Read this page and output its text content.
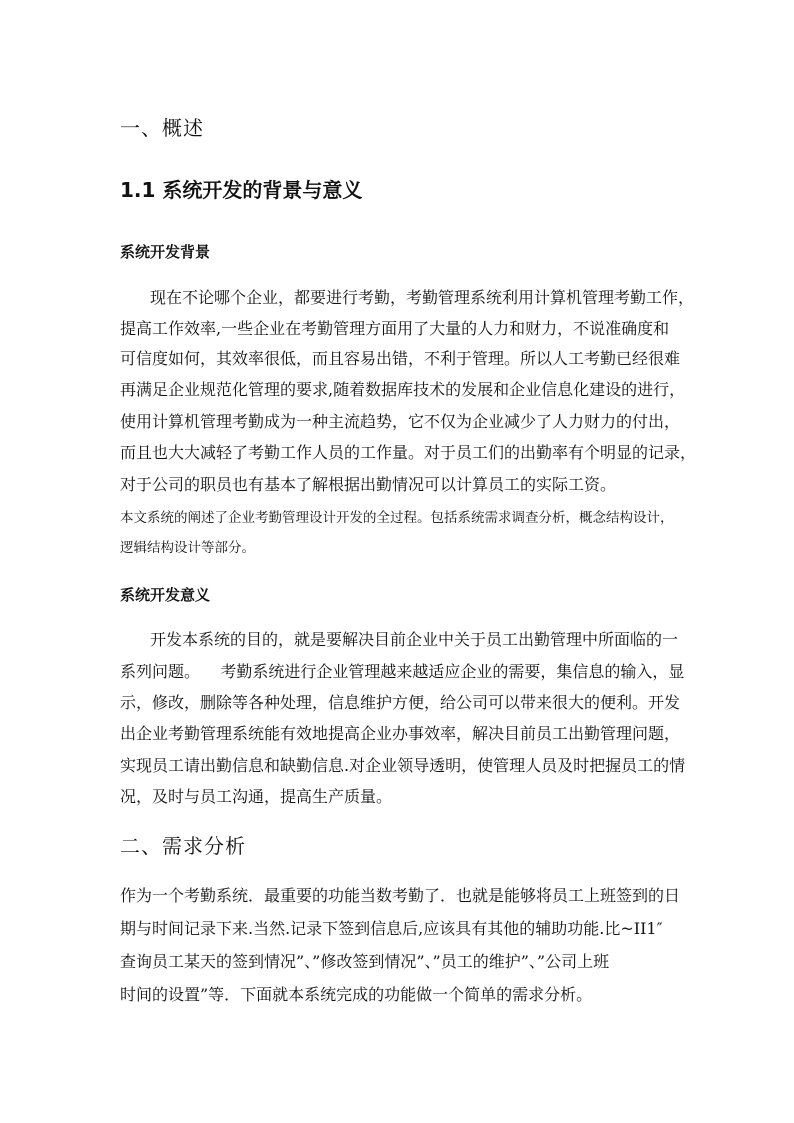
一、概述
1.1 系统开发的背景与意义
系统开发背景
现在不论哪个企业，都要进行考勤，考勤管理系统利用计算机管理考勤工作，
提高工作效率,一些企业在考勤管理方面用了大量的人力和财力，不说准确度和
可信度如何，其效率很低，而且容易出错，不利于管理。所以人工考勤已经很难
再满足企业规范化管理的要求,随着数据库技术的发展和企业信息化建设的进行，
使用计算机管理考勤成为一种主流趋势，它不仅为企业减少了人力财力的付出，
而且也大大减轻了考勤工作人员的工作量。对于员工们的出勤率有个明显的记录，
对于公司的职员也有基本了解根据出勤情况可以计算员工的实际工资。
本文系统的阐述了企业考勤管理设计开发的全过程。包括系统需求调查分析，概念结构设计，
逻辑结构设计等部分。
系统开发意义
开发本系统的目的，就是要解决目前企业中关于员工出勤管理中所面临的一
系列问题。    考勤系统进行企业管理越来越适应企业的需要，集信息的输入，显
示，修改，删除等各种处理，信息维护方便，给公司可以带来很大的便利。开发
出企业考勤管理系统能有效地提高企业办事效率，解决目前员工出勤管理问题，
实现员工请出勤信息和缺勤信息.对企业领导透明，使管理人员及时把握员工的情
况，及时与员工沟通，提高生产质量。
二、需求分析
作为一个考勤系统．最重要的功能当数考勤了．也就是能够将员工上班签到的日
期与时间记录下来.当然.记录下签到信息后,应该具有其他的辅助功能.比~II1″
查询员工某天的签到情况”、”修改签到情况”、”员工的维护”、”公司上班
时间的设置”等．下面就本系统完成的功能做一个简单的需求分析。
